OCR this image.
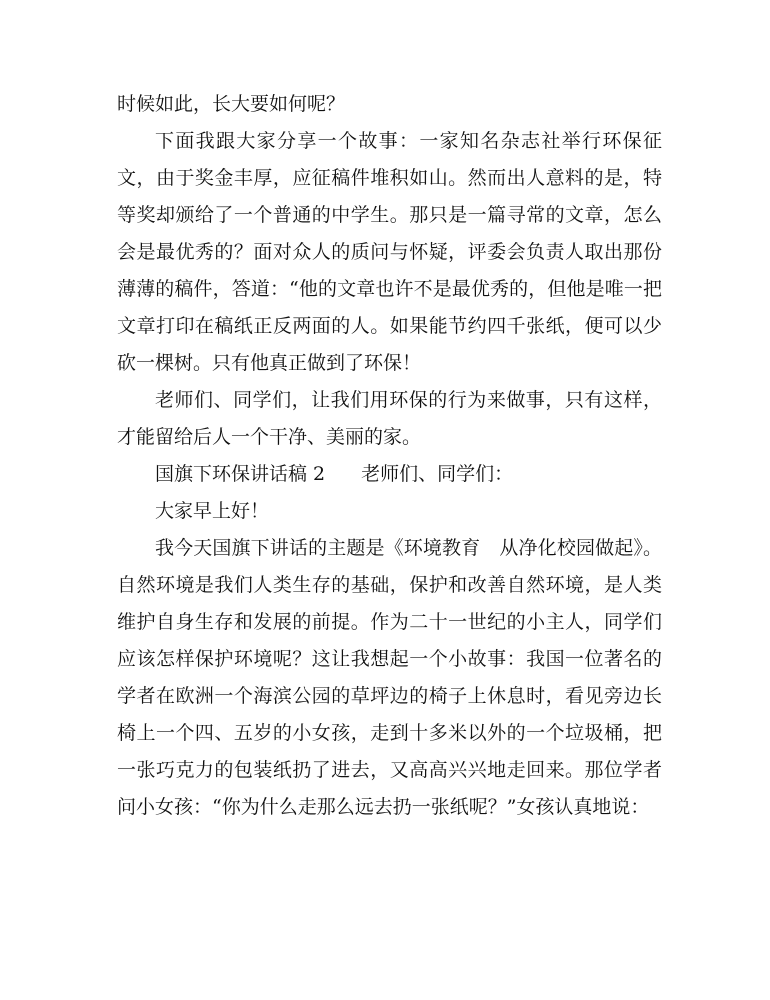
时候如此，长大要如何呢？

下面我跟大家分享一个故事：一家知名杂志社举行环保征文，由于奖金丰厚，应征稿件堆积如山。然而出人意料的是，特等奖却颁给了一个普通的中学生。那只是一篇寻常的文章，怎么会是最优秀的？面对众人的质问与怀疑，评委会负责人取出那份薄薄的稿件，答道：“他的文章也许不是最优秀的，但他是唯一把文章打印在稿纸正反两面的人。如果能节约四千张纸，便可以少砍一棵树。只有他真正做到了环保！

老师们、同学们，让我们用环保的行为来做事，只有这样，才能留给后人一个干净、美丽的家。

国旗下环保讲话稿 2 老师们、同学们：

大家早上好！

我今天国旗下讲话的主题是《环境教育　从净化校园做起》。 自然环境是我们人类生存的基础，保护和改善自然环境，是人类维护自身生存和发展的前提。作为二十一世纪的小主人，同学们应该怎样保护环境呢？这让我想起一个小故事：我国一位著名的学者在欧洲一个海滨公园的草坪边的椅子上休息时，看见旁边长椅上一个四、五岁的小女孩，走到十多米以外的一个垃圾桶，把一张巧克力的包装纸扔了进去，又高高兴兴地走回来。那位学者问小女孩：“你为什么走那么远去扔一张纸呢？”女孩认真地说：
